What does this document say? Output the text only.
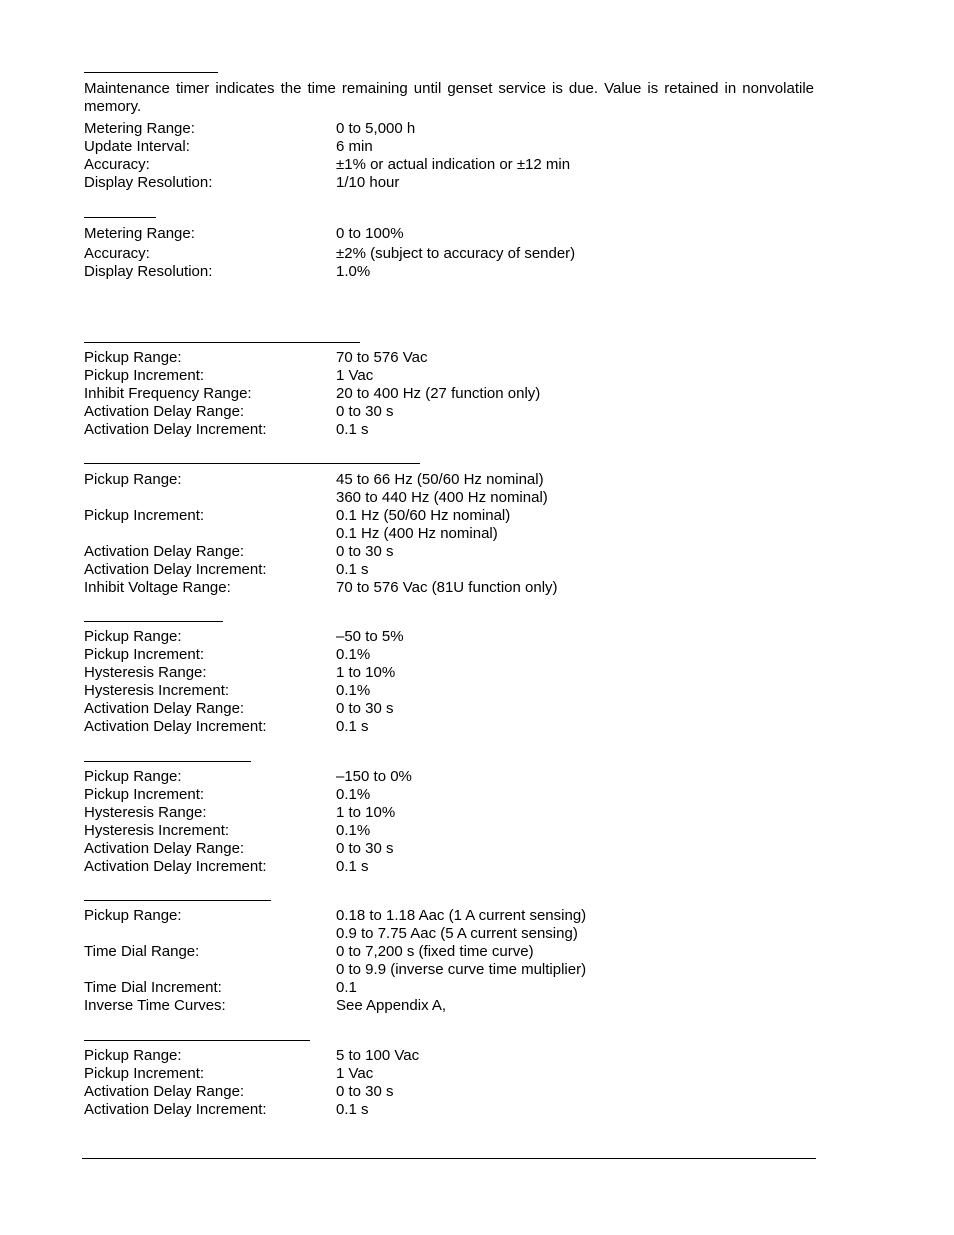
Maintenance timer indicates the time remaining until genset service is due. Value is retained in nonvolatile memory.
Metering Range:	0 to 5,000 h
Update Interval:	6 min
Accuracy:	±1% or actual indication or ±12 min
Display Resolution:	1/10 hour
Metering Range:	0 to 100%
Accuracy:	±2% (subject to accuracy of sender)
Display Resolution:	1.0%
Pickup Range:	70 to 576 Vac
Pickup Increment:	1 Vac
Inhibit Frequency Range:	20 to 400 Hz (27 function only)
Activation Delay Range:	0 to 30 s
Activation Delay Increment:	0.1 s
Pickup Range:	45 to 66 Hz (50/60 Hz nominal)
360 to 440 Hz (400 Hz nominal)
Pickup Increment:	0.1 Hz (50/60 Hz nominal)
0.1 Hz (400 Hz nominal)
Activation Delay Range:	0 to 30 s
Activation Delay Increment:	0.1 s
Inhibit Voltage Range:	70 to 576 Vac (81U function only)
Pickup Range:	–50 to 5%
Pickup Increment:	0.1%
Hysteresis Range:	1 to 10%
Hysteresis Increment:	0.1%
Activation Delay Range:	0 to 30 s
Activation Delay Increment:	0.1 s
Pickup Range:	–150 to 0%
Pickup Increment:	0.1%
Hysteresis Range:	1 to 10%
Hysteresis Increment:	0.1%
Activation Delay Range:	0 to 30 s
Activation Delay Increment:	0.1 s
Pickup Range:	0.18 to 1.18 Aac (1 A current sensing)
0.9 to 7.75 Aac (5 A current sensing)
Time Dial Range:	0 to 7,200 s (fixed time curve)
0 to 9.9 (inverse curve time multiplier)
Time Dial Increment:	0.1
Inverse Time Curves:	See Appendix A,
Pickup Range:	5 to 100 Vac
Pickup Increment:	1 Vac
Activation Delay Range:	0 to 30 s
Activation Delay Increment:	0.1 s
